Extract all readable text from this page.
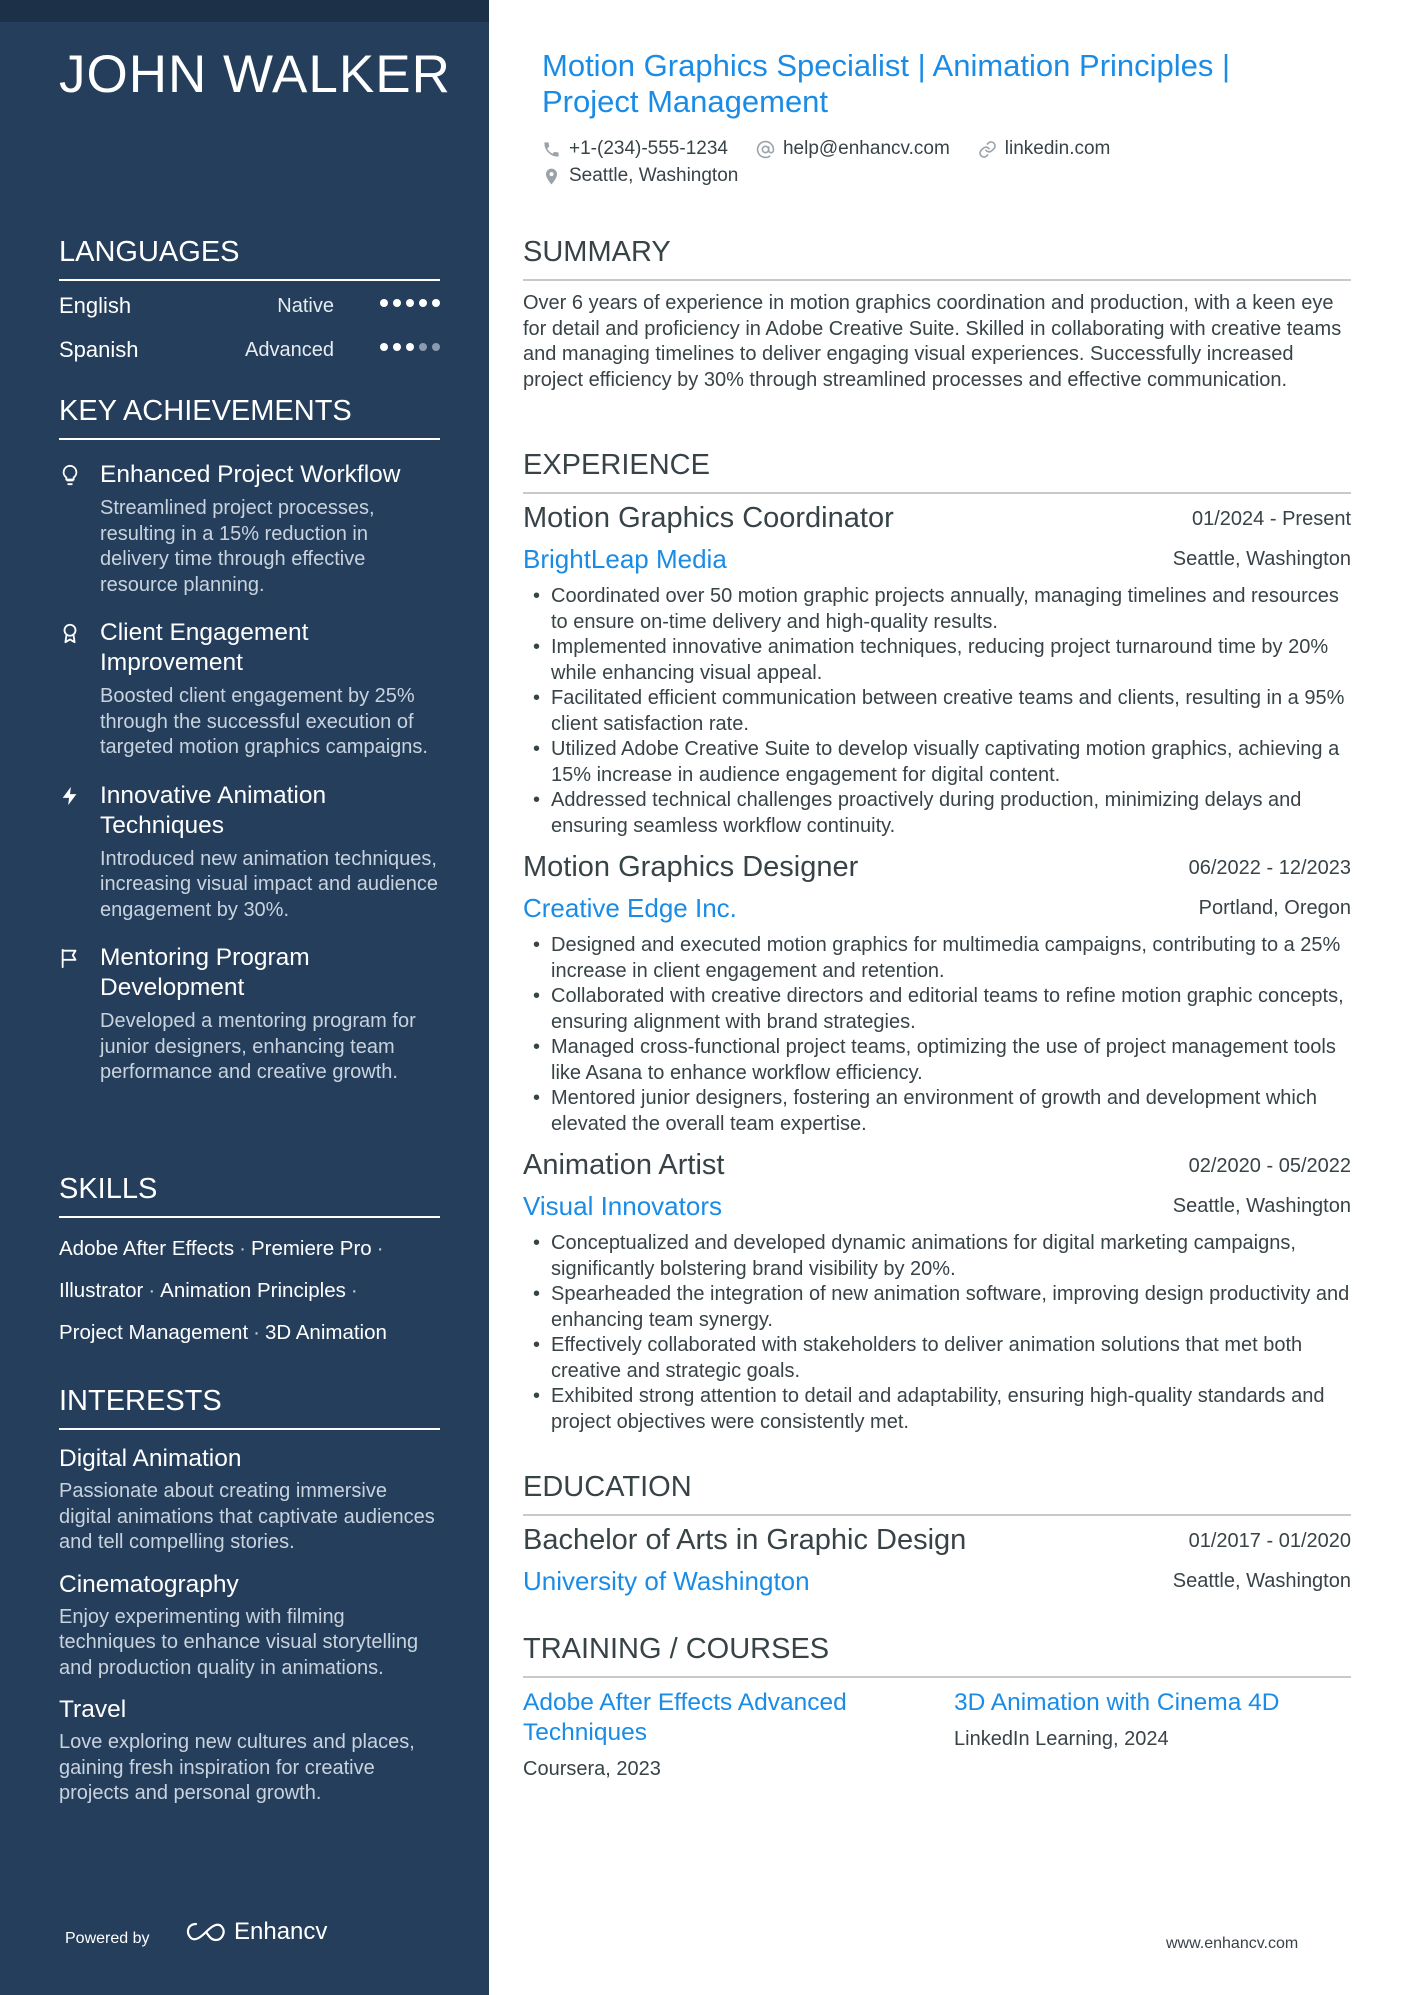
JOHN WALKER
LANGUAGES
English	Native
Spanish	Advanced
KEY ACHIEVEMENTS
Enhanced Project Workflow
Streamlined project processes, resulting in a 15% reduction in delivery time through effective resource planning.
Client Engagement Improvement
Boosted client engagement by 25% through the successful execution of targeted motion graphics campaigns.
Innovative Animation Techniques
Introduced new animation techniques, increasing visual impact and audience engagement by 30%.
Mentoring Program Development
Developed a mentoring program for junior designers, enhancing team performance and creative growth.
SKILLS
Adobe After Effects · Premiere Pro ·
Illustrator · Animation Principles ·
Project Management · 3D Animation
INTERESTS
Digital Animation
Passionate about creating immersive digital animations that captivate audiences and tell compelling stories.
Cinematography
Enjoy experimenting with filming techniques to enhance visual storytelling and production quality in animations.
Travel
Love exploring new cultures and places, gaining fresh inspiration for creative projects and personal growth.
Powered by	Enhancv
Motion Graphics Specialist | Animation Principles | Project Management
+1-(234)-555-1234	help@enhancv.com	linkedin.com
Seattle, Washington
SUMMARY
Over 6 years of experience in motion graphics coordination and production, with a keen eye for detail and proficiency in Adobe Creative Suite. Skilled in collaborating with creative teams and managing timelines to deliver engaging visual experiences. Successfully increased project efficiency by 30% through streamlined processes and effective communication.
EXPERIENCE
Motion Graphics Coordinator	01/2024 - Present
BrightLeap Media	Seattle, Washington
• Coordinated over 50 motion graphic projects annually, managing timelines and resources to ensure on-time delivery and high-quality results.
• Implemented innovative animation techniques, reducing project turnaround time by 20% while enhancing visual appeal.
• Facilitated efficient communication between creative teams and clients, resulting in a 95% client satisfaction rate.
• Utilized Adobe Creative Suite to develop visually captivating motion graphics, achieving a 15% increase in audience engagement for digital content.
• Addressed technical challenges proactively during production, minimizing delays and ensuring seamless workflow continuity.
Motion Graphics Designer	06/2022 - 12/2023
Creative Edge Inc.	Portland, Oregon
• Designed and executed motion graphics for multimedia campaigns, contributing to a 25% increase in client engagement and retention.
• Collaborated with creative directors and editorial teams to refine motion graphic concepts, ensuring alignment with brand strategies.
• Managed cross-functional project teams, optimizing the use of project management tools like Asana to enhance workflow efficiency.
• Mentored junior designers, fostering an environment of growth and development which elevated the overall team expertise.
Animation Artist	02/2020 - 05/2022
Visual Innovators	Seattle, Washington
• Conceptualized and developed dynamic animations for digital marketing campaigns, significantly bolstering brand visibility by 20%.
• Spearheaded the integration of new animation software, improving design productivity and enhancing team synergy.
• Effectively collaborated with stakeholders to deliver animation solutions that met both creative and strategic goals.
• Exhibited strong attention to detail and adaptability, ensuring high-quality standards and project objectives were consistently met.
EDUCATION
Bachelor of Arts in Graphic Design	01/2017 - 01/2020
University of Washington	Seattle, Washington
TRAINING / COURSES
Adobe After Effects Advanced Techniques
Coursera, 2023
3D Animation with Cinema 4D
LinkedIn Learning, 2024
www.enhancv.com
